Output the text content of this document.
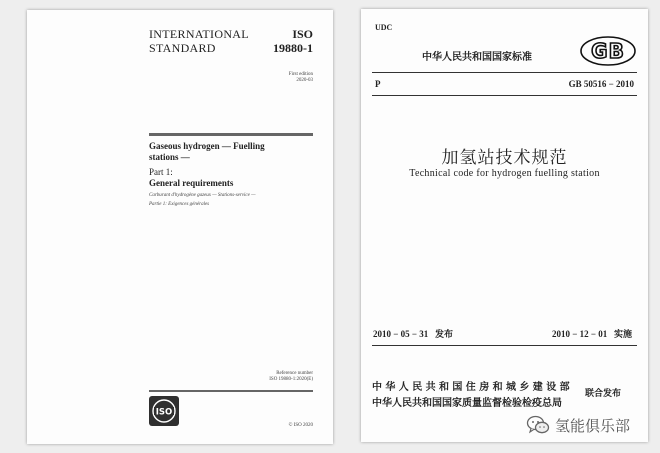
INTERNATIONAL
STANDARD
ISO
19880-1
First edition
2020-03
Gaseous hydrogen — Fuelling
stations —
Part 1:
General requirements
Carburant d'hydrogène gazeux — Stations-service —
Partie 1: Exigences générales
Reference number
ISO 19880-1:2020(E)
ISO
© ISO 2020
UDC
中华人民共和国国家标准	GB
P	GB 50516 − 2010
加氢站技术规范
Technical code for hydrogen fuelling station
2010 − 05 − 31   发布	2010 − 12 − 01   实施
中华人民共和国住房和城乡建设部
中华人民共和国国家质量监督检验检疫总局
联合发布
氢能俱乐部
